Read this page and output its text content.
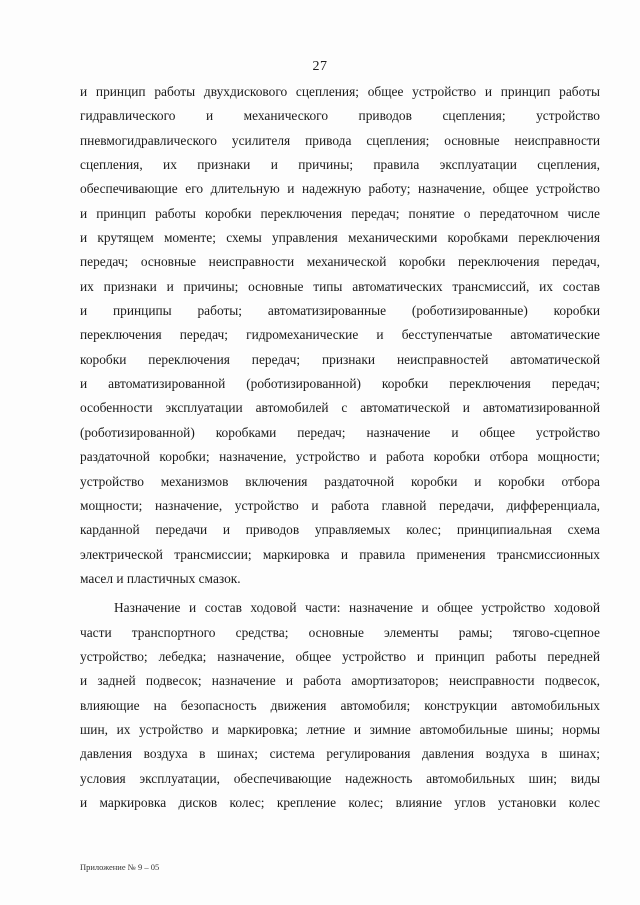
27
и принцип работы двухдискового сцепления; общее устройство и принцип работы
гидравлического и механического приводов сцепления; устройство
пневмогидравлического усилителя привода сцепления; основные неисправности
сцепления, их признаки и причины; правила эксплуатации сцепления,
обеспечивающие его длительную и надежную работу; назначение, общее устройство
и принцип работы коробки переключения передач; понятие о передаточном числе
и крутящем моменте; схемы управления механическими коробками переключения
передач; основные неисправности механической коробки переключения передач,
их признаки и причины; основные типы автоматических трансмиссий, их состав
и принципы работы; автоматизированные (роботизированные) коробки
переключения передач; гидромеханические и бесступенчатые автоматические
коробки переключения передач; признаки неисправностей автоматической
и автоматизированной (роботизированной) коробки переключения передач;
особенности эксплуатации автомобилей с автоматической и автоматизированной
(роботизированной) коробками передач; назначение и общее устройство
раздаточной коробки; назначение, устройство и работа коробки отбора мощности;
устройство механизмов включения раздаточной коробки и коробки отбора
мощности; назначение, устройство и работа главной передачи, дифференциала,
карданной передачи и приводов управляемых колес; принципиальная схема
электрической трансмиссии; маркировка и правила применения трансмиссионных
масел и пластичных смазок.
Назначение и состав ходовой части: назначение и общее устройство ходовой
части транспортного средства; основные элементы рамы; тягово-сцепное
устройство; лебедка; назначение, общее устройство и принцип работы передней
и задней подвесок; назначение и работа амортизаторов; неисправности подвесок,
влияющие на безопасность движения автомобиля; конструкции автомобильных
шин, их устройство и маркировка; летние и зимние автомобильные шины; нормы
давления воздуха в шинах; система регулирования давления воздуха в шинах;
условия эксплуатации, обеспечивающие надежность автомобильных шин; виды
и маркировка дисков колес; крепление колес; влияние углов установки колес
Приложение № 9 – 05
